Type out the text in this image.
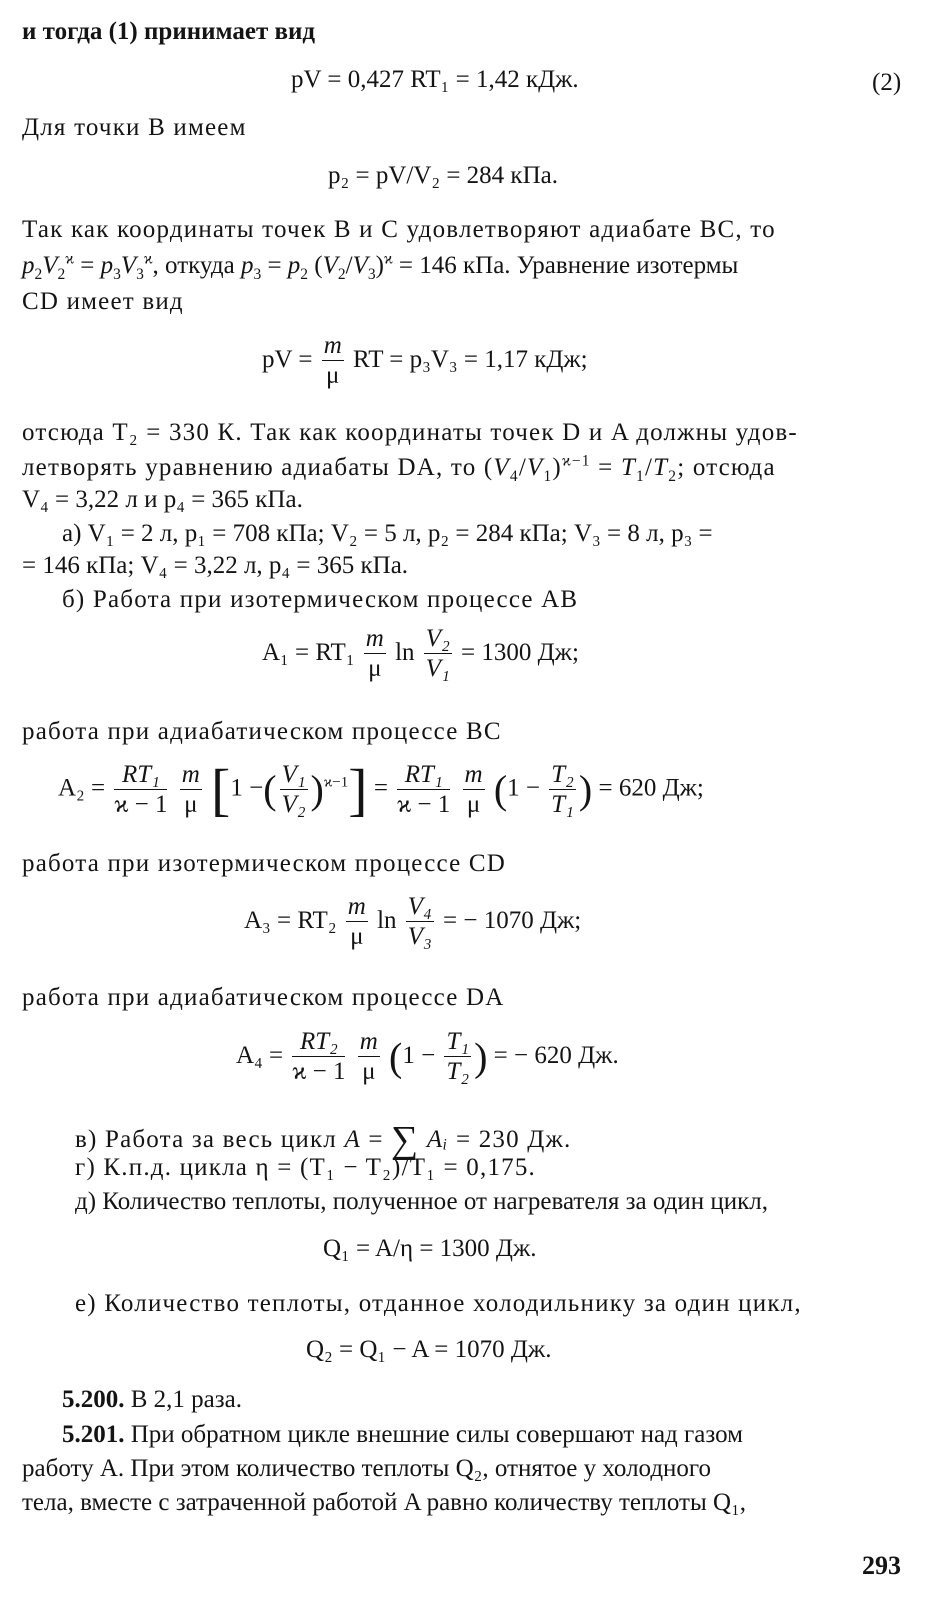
и тогда (1) принимает вид
pV = 0,427 RT₁ = 1,42 кДж.	(2)
Для точки B имеем
p₂ = pV/V₂ = 284 кПа.
Так как координаты точек B и C удовлетворяют адиабате BC, то
$p_2V_2^ϰ = p_3V_3^ϰ$, откуда $p_3 = p_2$ $(V_2/V_3)^ϰ = 146$ кПа. Уравнение изотермы
CD имеет вид
pV = $\frac{m}{\mu}$ RT = p₃V₃ = 1,17 кДж;
отсюда T₂ = 330 К. Так как координаты точек D и A должны удов-
летворять уравнению адиабаты DA, то $(V_4/V_1)^{ϰ-1} = T_1/T_2$; отсюда
V₄ = 3,22 л и p₄ = 365 кПа.
а) V₁ = 2 л, p₁ = 708 кПа; V₂ = 5 л, p₂ = 284 кПа; V₃ = 8 л, p₃ =
= 146 кПа; V₄ = 3,22 л, p₄ = 365 кПа.
б) Работа при изотермическом процессе AB
$A_1 = RT_1 \frac{m}{\mu}$ $\ln \frac{\text{V₂}}{\text{V₁}} = 1300$ Дж;
работа при адиабатическом процессе BC
$A_2 = \frac{\text{RT₁}}{ϰ - 1}$
$\frac{m}{\mu} [1$ −( $\frac{\text{V₁}}{\text{V₂}} )^{ϰ-1}] = \frac{\text{RT₁}}{ϰ - 1}$
$\frac{m}{\mu} (1 - \frac{\text{T₂}}{\text{T₁}}$ ) = 620 Дж;
работа при изотермическом процессе CD
$A_3 = RT_2 \frac{m}{\mu}$ $\ln \frac{\text{V₄}}{\text{V₃}}$ = − 1070 Дж;
работа при адиабатическом процессе DA
$A_4 = \frac{\text{RT₂}}{ϰ - 1}$
$\frac{m}{\mu} (1 - \frac{\text{T₁}}{\text{T₂}}$ ) = − 620 Дж.
в) Работа за весь цикл A = ∑ Aᵢ = 230 Дж.
г) К.п.д. цикла η = (T₁ − T₂)/T₁ = 0,175.
д) Количество теплоты, полученное от нагревателя за один цикл,
Q₁ = A/η = 1300 Дж.
е) Количество теплоты, отданное холодильнику за один цикл,
Q₂ = Q₁ − A = 1070 Дж.
5.200. В 2,1 раза.
5.201. При обратном цикле внешние силы совершают над газом
работу A. При этом количество теплоты Q₂, отнятое у холодного
тела, вместе с затраченной работой A равно количеству теплоты Q₁,
293
